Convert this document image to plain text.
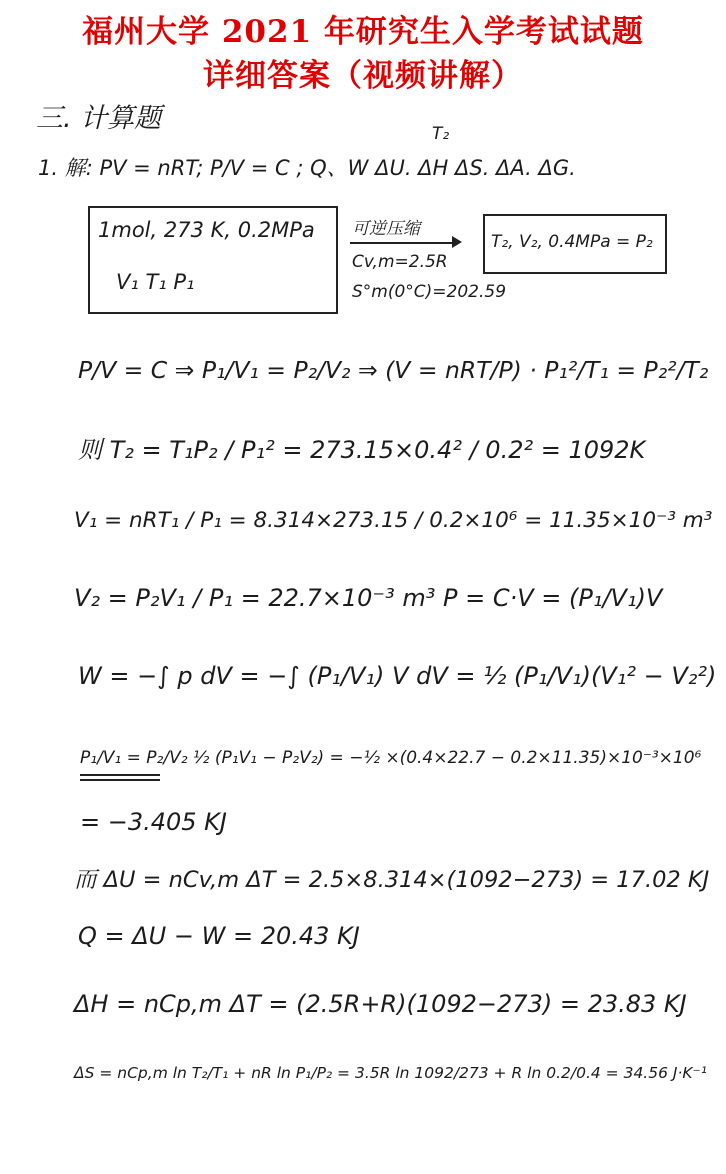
福州大学 2021 年研究生入学考试试题
详细答案（视频讲解）
三. 计算题	T₂
1. 解: PV = nRT; P/V = C ; Q、W ΔU. ΔH ΔS. ΔA. ΔG.
1mol, 273 K, 0.2MPa
V₁ T₁ P₁
可逆压缩
Cv,m=2.5R
S°m(0°C)=202.59
T₂, V₂, 0.4MPa = P₂
P/V = C ⇒ P₁/V₁ = P₂/V₂ ⇒ (V = nRT/P) · P₁²/T₁ = P₂²/T₂
则 T₂ = T₁P₂ / P₁² = 273.15×0.4² / 0.2² = 1092K
V₁ = nRT₁ / P₁ = 8.314×273.15 / 0.2×10⁶ = 11.35×10⁻³ m³
V₂ = P₂V₁ / P₁ = 22.7×10⁻³ m³ P = C·V = (P₁/V₁)V
W = −∫ p dV = −∫ (P₁/V₁) V dV = ½ (P₁/V₁)(V₁² − V₂²)
P₁/V₁ = P₂/V₂ ½ (P₁V₁ − P₂V₂) = −½ ×(0.4×22.7 − 0.2×11.35)×10⁻³×10⁶
= −3.405 KJ
而 ΔU = nCv,m ΔT = 2.5×8.314×(1092−273) = 17.02 KJ
Q = ΔU − W = 20.43 KJ
ΔH = nCp,m ΔT = (2.5R+R)(1092−273) = 23.83 KJ
ΔS = nCp,m ln T₂/T₁ + nR ln P₁/P₂ = 3.5R ln 1092/273 + R ln 0.2/0.4 = 34.56 J·K⁻¹
